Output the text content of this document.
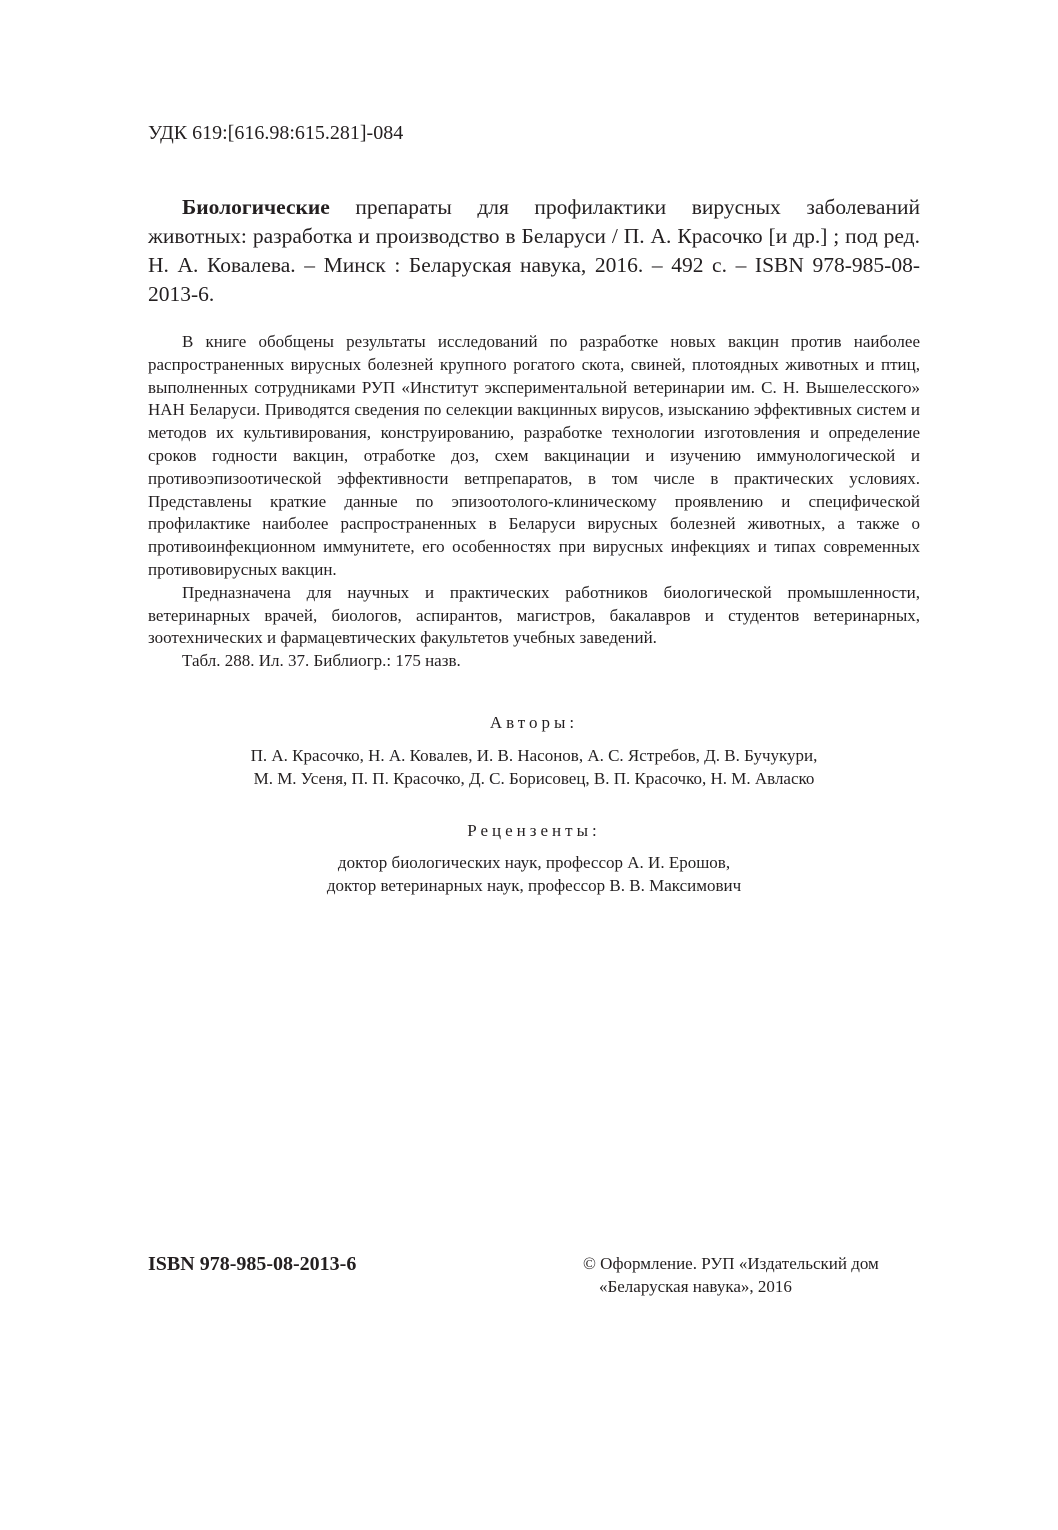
УДК 619:[616.98:615.281]-084
Биологические препараты для профилактики вирусных заболеваний животных: разработка и производство в Беларуси / П. А. Красочко [и др.] ; под ред. Н. А. Ковалева. – Минск : Беларуская навука, 2016. – 492 с. – ISBN 978-985-08-2013-6.

В книге обобщены результаты исследований по разработке новых вакцин против наиболее распространенных вирусных болезней крупного рогатого скота, свиней, плотоядных животных и птиц, выполненных сотрудниками РУП «Институт экспериментальной ветеринарии им. С. Н. Вышелесского» НАН Беларуси. Приводятся сведения по селекции вакцинных вирусов, изысканию эффективных систем и методов их культивирования, конструированию, разработке технологии изготовления и определение сроков годности вакцин, отработке доз, схем вакцинации и изучению иммунологической и противоэпизоотической эффективности ветпрепаратов, в том числе в практических условиях. Представлены краткие данные по эпизоотолого-клиническому проявлению и специфической профилактике наиболее распространенных в Беларуси вирусных болезней животных, а также о противоинфекционном иммунитете, его особенностях при вирусных инфекциях и типах современных противовирусных вакцин.

Предназначена для научных и практических работников биологической промышленности, ветеринарных врачей, биологов, аспирантов, магистров, бакалавров и студентов ветеринарных, зоотехнических и фармацевтических факультетов учебных заведений.

Табл. 288. Ил. 37. Библиогр.: 175 назв.

Авторы:
П. А. Красочко, Н. А. Ковалев, И. В. Насонов, А. С. Ястребов, Д. В. Бучукури,
М. М. Усеня, П. П. Красочко, Д. С. Борисовец, В. П. Красочко, Н. М. Авласко
Рецензенты:
доктор биологических наук, профессор А. И. Ерошов,
доктор ветеринарных наук, профессор В. В. Максимович
ISBN 978-985-08-2013-6	© Оформление. РУП «Издательский дом
«Беларуская навука», 2016
